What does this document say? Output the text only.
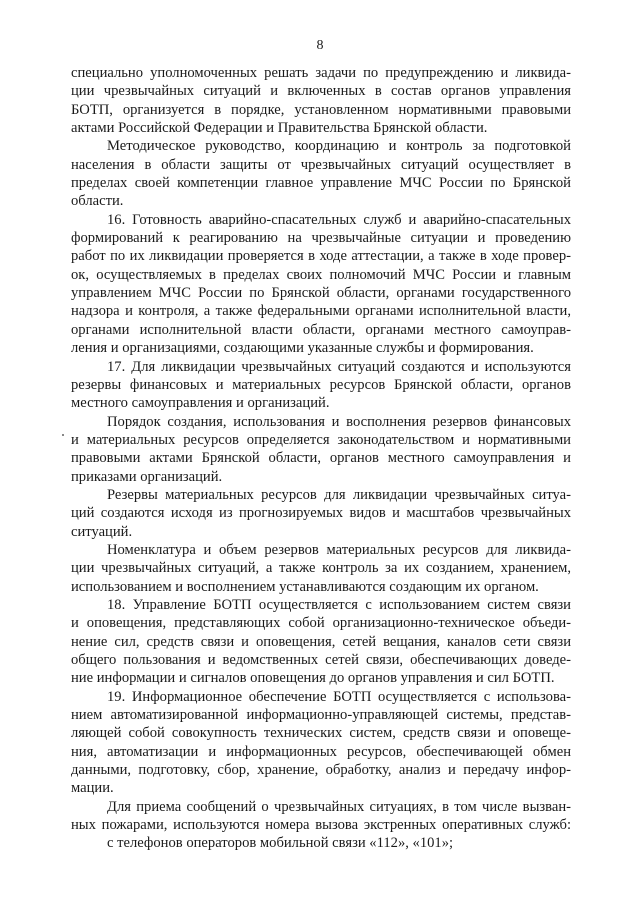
8
специально уполномоченных решать задачи по предупреждению и ликвида-
ции чрезвычайных ситуаций и включенных в состав органов управления
БОТП, организуется в порядке, установленном нормативными правовыми
актами Российской Федерации и Правительства Брянской области.
Методическое руководство, координацию и контроль за подготовкой
населения в области защиты от чрезвычайных ситуаций осуществляет в
пределах своей компетенции главное управление МЧС России по Брянской
области.
16. Готовность аварийно-спасательных служб и аварийно-спасательных
формирований к реагированию на чрезвычайные ситуации и проведению
работ по их ликвидации проверяется в ходе аттестации, а также в ходе провер-
ок, осуществляемых в пределах своих полномочий МЧС России и главным
управлением МЧС России по Брянской области, органами государственного
надзора и контроля, а также федеральными органами исполнительной власти,
органами исполнительной власти области, органами местного самоуправ-
ления и организациями, создающими указанные службы и формирования.
17. Для ликвидации чрезвычайных ситуаций создаются и используются
резервы финансовых и материальных ресурсов Брянской области, органов
местного самоуправления и организаций.
Порядок создания, использования и восполнения резервов финансовых
и материальных ресурсов определяется законодательством и нормативными
правовыми актами Брянской области, органов местного самоуправления и
приказами организаций.
Резервы материальных ресурсов для ликвидации чрезвычайных ситуа-
ций создаются исходя из прогнозируемых видов и масштабов чрезвычайных
ситуаций.
Номенклатура и объем резервов материальных ресурсов для ликвида-
ции чрезвычайных ситуаций, а также контроль за их созданием, хранением,
использованием и восполнением устанавливаются создающим их органом.
18. Управление БОТП осуществляется с использованием систем связи
и оповещения, представляющих собой организационно-техническое объеди-
нение сил, средств связи и оповещения, сетей вещания, каналов сети связи
общего пользования и ведомственных сетей связи, обеспечивающих доведе-
ние информации и сигналов оповещения до органов управления и сил БОТП.
19. Информационное обеспечение БОТП осуществляется с использова-
нием автоматизированной информационно-управляющей системы, представ-
ляющей собой совокупность технических систем, средств связи и оповеще-
ния, автоматизации и информационных ресурсов, обеспечивающей обмен
данными, подготовку, сбор, хранение, обработку, анализ и передачу инфор-
мации.
Для приема сообщений о чрезвычайных ситуациях, в том числе вызван-
ных пожарами, используются номера вызова экстренных оперативных служб:
с телефонов операторов мобильной связи «112», «101»;
